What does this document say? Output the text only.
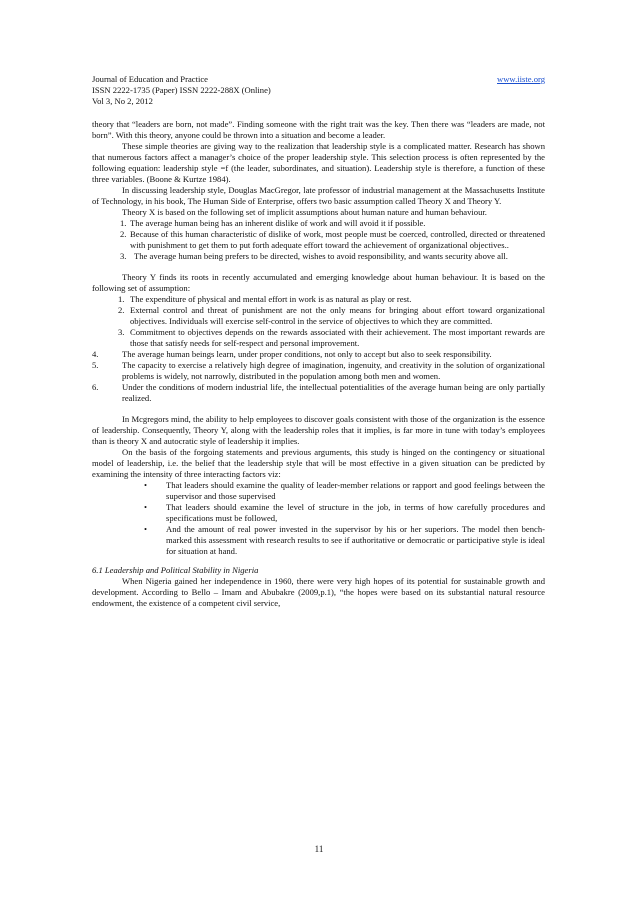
Journal of Education and Practice	www.iiste.org
ISSN 2222-1735 (Paper) ISSN 2222-288X (Online)
Vol 3, No 2, 2012

theory that “leaders are born, not made”. Finding someone with the right trait was the key. Then there was “leaders are made, not born”. With this theory, anyone could be thrown into a situation and become a leader.

These simple theories are giving way to the realization that leadership style is a complicated matter. Research has shown that numerous factors affect a manager’s choice of the proper leadership style. This selection process is often represented by the following equation: leadership style =f (the leader, subordinates, and situation). Leadership style is therefore, a function of these three variables. (Boone & Kurtze 1984).

In discussing leadership style, Douglas MacGregor, late professor of industrial management at the Massachusetts Institute of Technology, in his book, The Human Side of Enterprise, offers two basic assumption called Theory X and Theory Y.

Theory X is based on the following set of implicit assumptions about human nature and human behaviour.

1. The average human being has an inherent dislike of work and will avoid it if possible.
2. Because of this human characteristic of dislike of work, most people must be coerced, controlled, directed or threatened with punishment to get them to put forth adequate effort toward the achievement of organizational objectives..
3. The average human being prefers to be directed, wishes to avoid responsibility, and wants security above all.

Theory Y finds its roots in recently accumulated and emerging knowledge about human behaviour. It is based on the following set of assumption:

1. The expenditure of physical and mental effort in work is as natural as play or rest.
2. External control and threat of punishment are not the only means for bringing about effort toward organizational objectives. Individuals will exercise self-control in the service of objectives to which they are committed.
3. Commitment to objectives depends on the rewards associated with their achievement. The most important rewards are those that satisfy needs for self-respect and personal improvement.
4.	The average human beings learn, under proper conditions, not only to accept but also to seek responsibility.
5.	The capacity to exercise a relatively high degree of imagination, ingenuity, and creativity in the solution of organizational problems is widely, not narrowly, distributed in the population among both men and women.
6.	Under the conditions of modern industrial life, the intellectual potentialities of the average human being are only partially realized.

In Mcgregors mind, the ability to help employees to discover goals consistent with those of the organization is the essence of leadership. Consequently, Theory Y, along with the leadership roles that it implies, is far more in tune with today’s employees than is theory X and autocratic style of leadership it implies.

On the basis of the forgoing statements and previous arguments, this study is hinged on the contingency or situational model of leadership, i.e. the belief that the leadership style that will be most effective in a given situation can be predicted by examining the intensity of three interacting factors viz:

•	That leaders should examine the quality of leader-member relations or rapport and good feelings between the supervisor and those supervised
•	That leaders should examine the level of structure in the job, in terms of how carefully procedures and specifications must be followed,
•	And the amount of real power invested in the supervisor by his or her superiors. The model then bench-marked this assessment with research results to see if authoritative or democratic or participative style is ideal for situation at hand.
6.1 Leadership and Political Stability in Nigeria

When Nigeria gained her independence in 1960, there were very high hopes of its potential for sustainable growth and development. According to Bello – Imam and Abubakre (2009,p.1), “the hopes were based on its substantial natural resource endowment, the existence of a competent civil service,

11
